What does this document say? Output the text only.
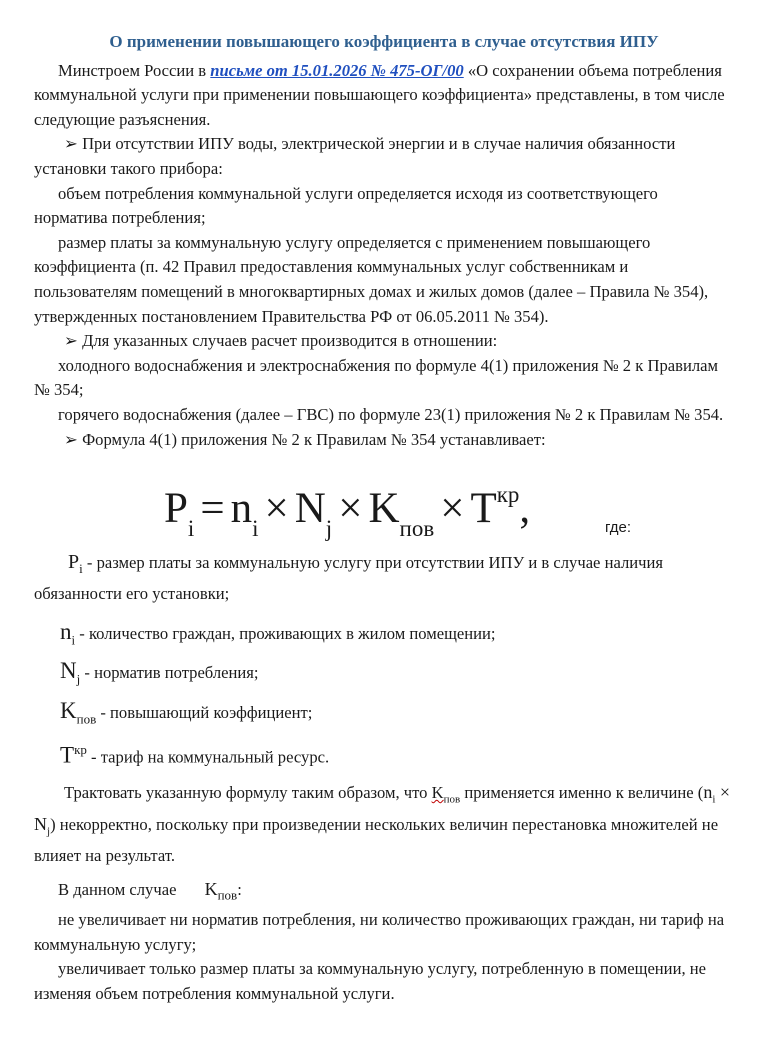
О применении повышающего коэффициента в случае отсутствия ИПУ

Минстроем России в письме от 15.01.2026 № 475-ОГ/00 «О сохранении объема потребления коммунальной услуги при применении повышающего коэффициента» представлены, в том числе следующие разъяснения.

➢ При отсутствии ИПУ воды, электрической энергии и в случае наличия обязанности установки такого прибора:

объем потребления коммунальной услуги определяется исходя из соответствующего норматива потребления;

размер платы за коммунальную услугу определяется с применением повышающего коэффициента (п. 42 Правил предоставления коммунальных услуг собственникам и пользователям помещений в многоквартирных домах и жилых домов (далее – Правила № 354), утвержденных постановлением Правительства РФ от 06.05.2011 № 354).

➢ Для указанных случаев расчет производится в отношении:

холодного водоснабжения и электроснабжения по формуле 4(1) приложения № 2 к Правилам № 354;

горячего водоснабжения (далее – ГВС) по формуле 23(1) приложения № 2 к Правилам № 354.

➢ Формула 4(1) приложения № 2 к Правилам № 354 устанавливает:

$P_i = n_i \times N_j \times K_{пов} \times T^{кр}$,	где:
$P_i$ - размер платы за коммунальную услугу при отсутствии ИПУ и в случае наличия обязанности его установки;
$n_i$ - количество граждан, проживающих в жилом помещении;
$N_j$ - норматив потребления;
$K_{пов}$ - повышающий коэффициент;
$T^{кр}$ - тариф на коммунальный ресурс.

Трактовать указанную формулу таким образом, что $K_{пов}$ применяется именно к величине $(n_i \times N_j)$ некорректно, поскольку при произведении нескольких величин перестановка множителей не влияет на результат.

В данном случае $K_{пов}$:

не увеличивает ни норматив потребления, ни количество проживающих граждан, ни тариф на коммунальную услугу;

увеличивает только размер платы за коммунальную услугу, потребленную в помещении, не изменяя объем потребления коммунальной услуги.
